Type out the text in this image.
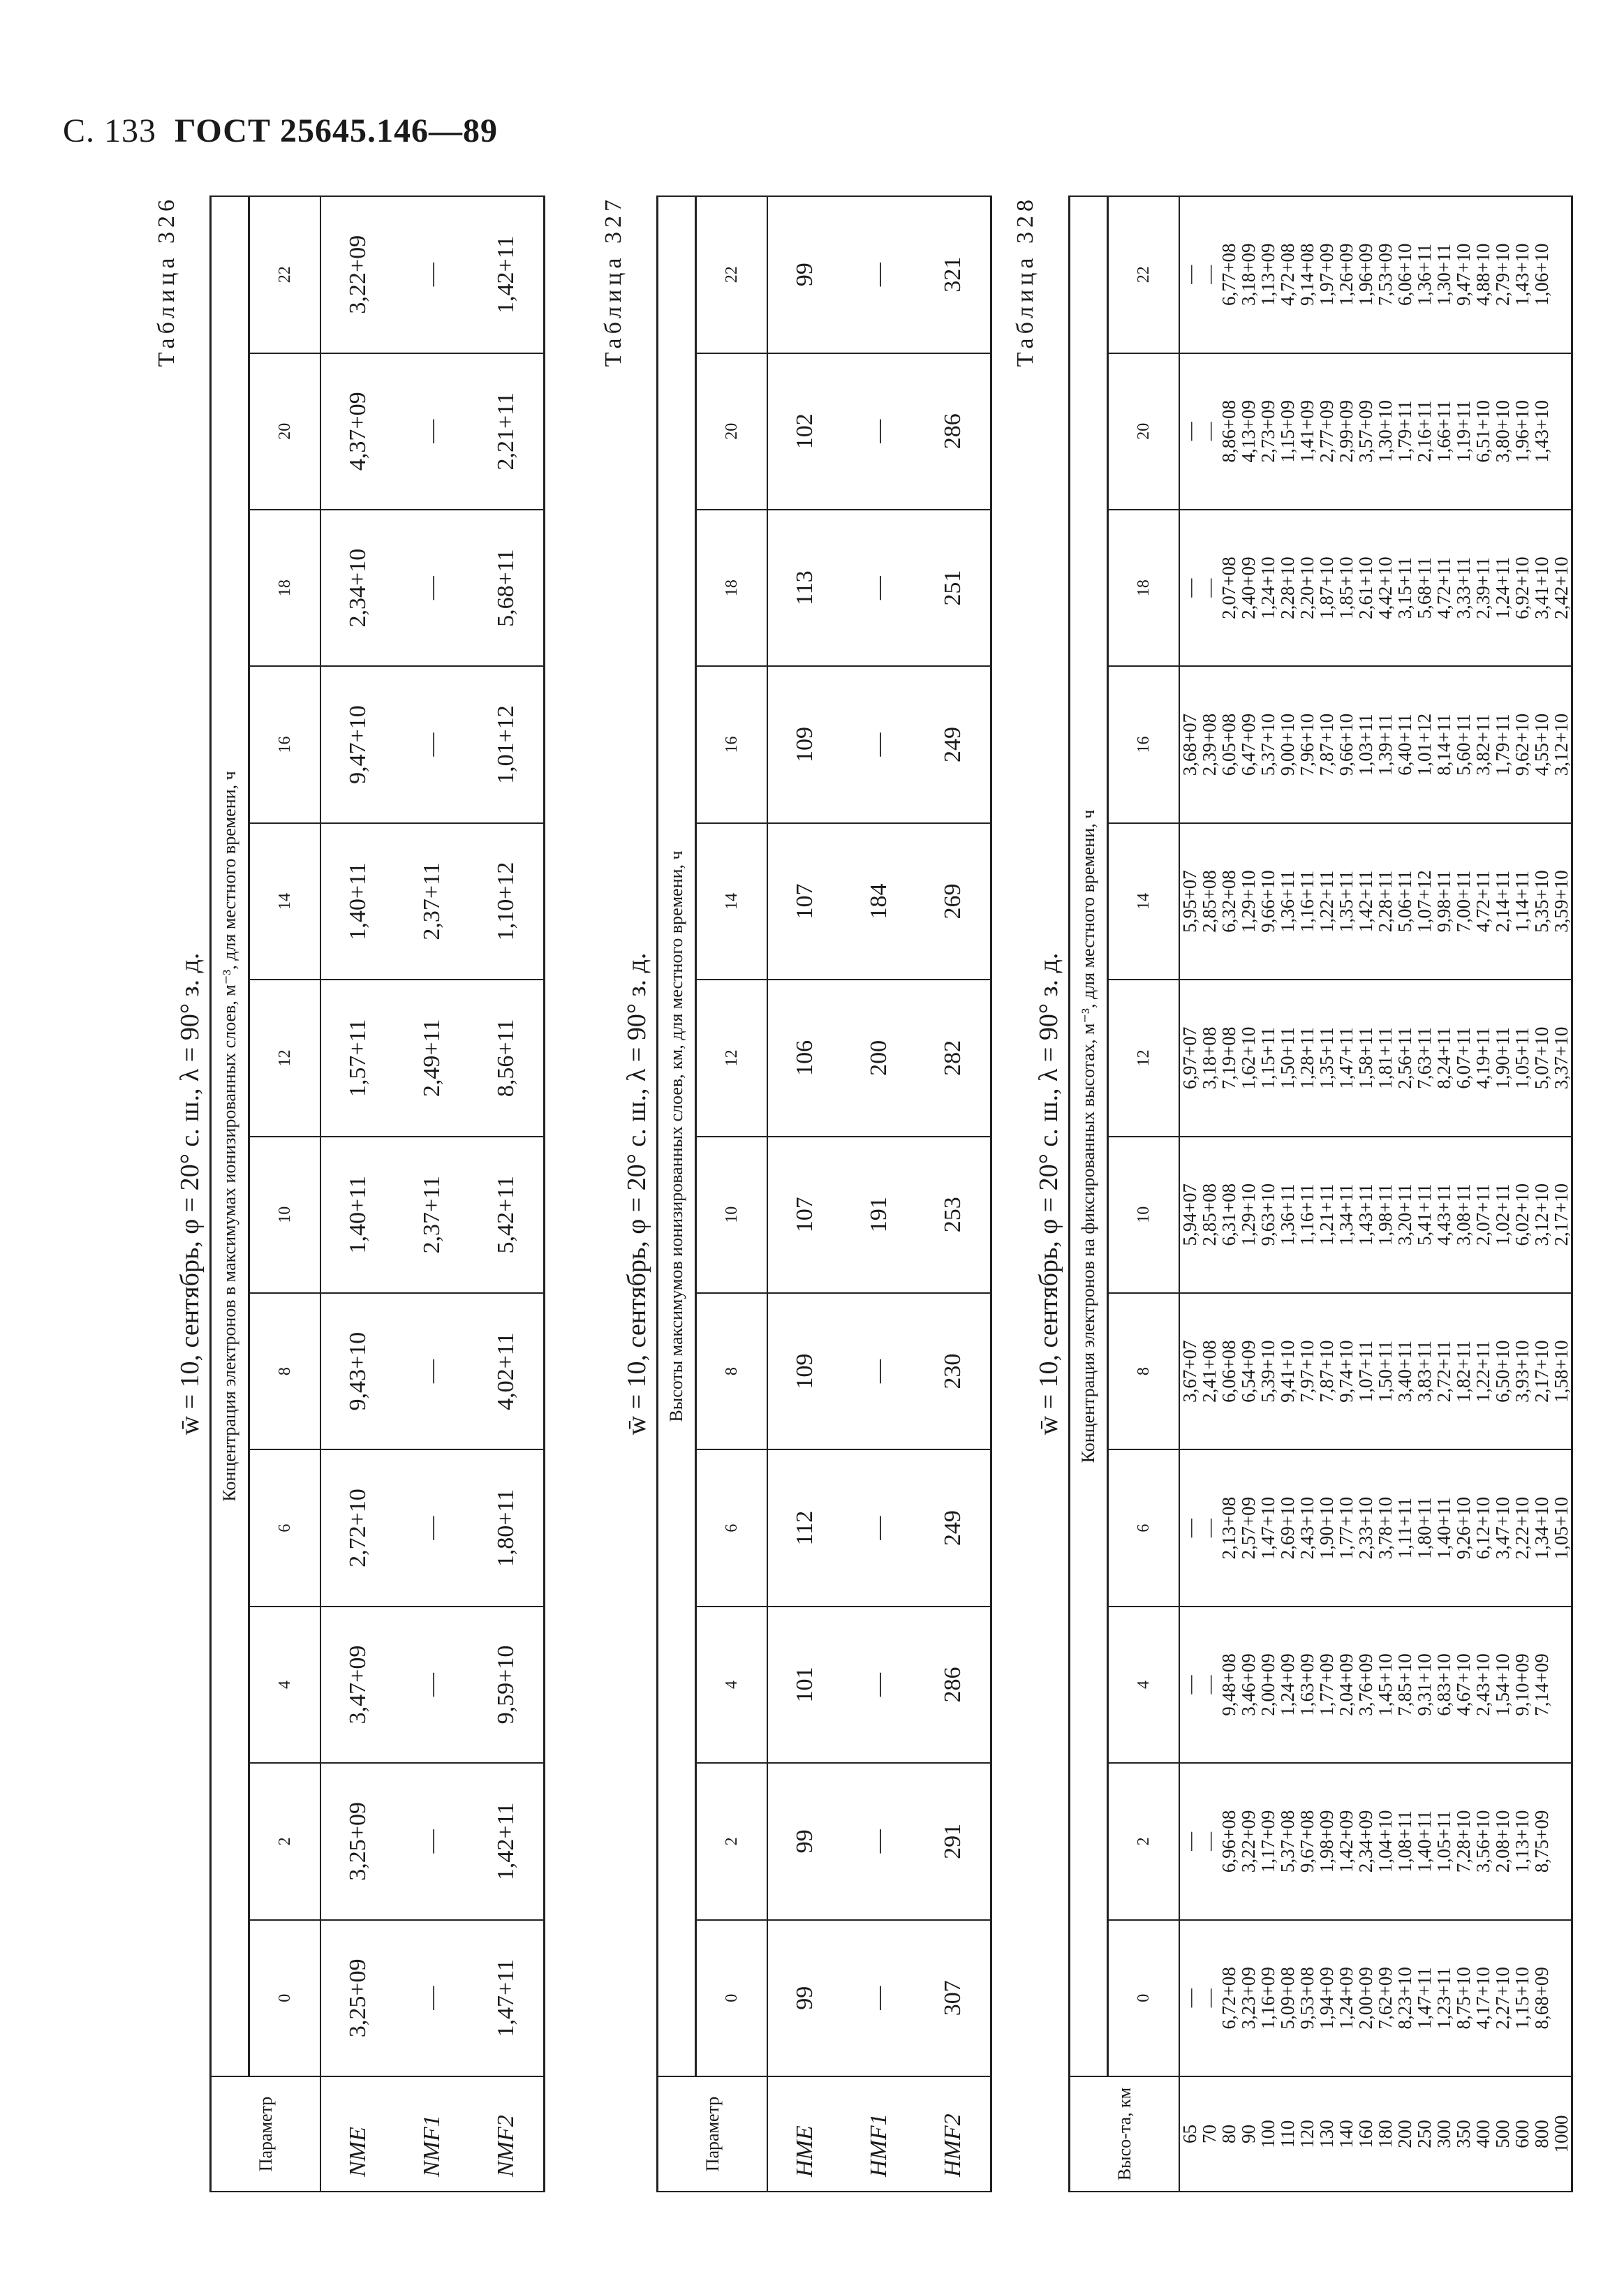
С. 133 ГОСТ 25645.146—89
Таблица 326
w̄ = 10, сентябрь, φ = 20° с. ш., λ = 90° з. д.
Параметр	Концентрация электронов в максимумах ионизированных слоев, м⁻³, для местного времени, ч											
	0	2	4	6	8	10	12	14	16	18	20	22
NME	3,25+09	3,25+09	3,47+09	2,72+10	9,43+10	1,40+11	1,57+11	1,40+11	9,47+10	2,34+10	4,37+09	3,22+09
NMF1	—	—	—	—	—	2,37+11	2,49+11	2,37+11	—	—	—	—
NMF2	1,47+11	1,42+11	9,59+10	1,80+11	4,02+11	5,42+11	8,56+11	1,10+12	1,01+12	5,68+11	2,21+11	1,42+11	Таблица 327
w̄ = 10, сентябрь, φ = 20° с. ш., λ = 90° з. д.
Параметр	Высоты максимумов ионизированных слоев, км, для местного времени, ч											
	0	2	4	6	8	10	12	14	16	18	20	22
HME	99	99	101	112	109	107	106	107	109	113	102	99
HMF1	—	—	—	—	—	191	200	184	—	—	—	—
HMF2	307	291	286	249	230	253	282	269	249	251	286	321 Таблица 328
w̄ = 10, сентябрь, φ = 20° с. ш., λ = 90° з. д.
Высо-та, км	Концентрация электронов на фиксированных высотах, м⁻³, для местного времени, ч											
	0	2	4	6	8	10	12	14	16	18	20	22
65	—	—	—	—	3,67+07	5,94+07	6,97+07	5,95+07	3,68+07	—	—	—
70	—	—	—	—	2,41+08	2,85+08	3,18+08	2,85+08	2,39+08	—	—	—
80	6,72+08	6,96+08	9,48+08	2,13+08	6,06+08	6,31+08	7,19+08	6,32+08	6,05+08	2,07+08	8,86+08	6,77+08
90	3,23+09	3,22+09	3,46+09	2,57+09	6,54+09	1,29+10	1,62+10	1,29+10	6,47+09	2,40+09	4,13+09	3,18+09
100	1,16+09	1,17+09	2,00+09	1,47+10	5,39+10	9,63+10	1,15+11	9,66+10	5,37+10	1,24+10	2,73+09	1,13+09
110	5,09+08	5,37+08	1,24+09	2,69+10	9,41+10	1,36+11	1,50+11	1,36+11	9,00+10	2,28+10	1,15+09	4,72+08
120	9,53+08	9,67+08	1,63+09	2,43+10	7,97+10	1,16+11	1,28+11	1,16+11	7,96+10	2,20+10	1,41+09	9,14+08
130	1,94+09	1,98+09	1,77+09	1,90+10	7,87+10	1,21+11	1,35+11	1,22+11	7,87+10	1,87+10	2,77+09	1,97+09
140	1,24+09	1,42+09	2,04+09	1,77+10	9,74+10	1,34+11	1,47+11	1,35+11	9,66+10	1,85+10	2,99+09	1,26+09
160	2,00+09	2,34+09	3,76+09	2,33+10	1,07+11	1,43+11	1,58+11	1,42+11	1,03+11	2,61+10	3,57+09	1,96+09
180	7,62+09	1,04+10	1,45+10	3,78+10	1,50+11	1,98+11	1,81+11	2,28+11	1,39+11	4,42+10	1,30+10	7,53+09
200	8,23+10	1,08+11	7,85+10	1,11+11	3,40+11	3,20+11	2,56+11	5,06+11	6,40+11	3,15+11	1,79+11	6,06+10
250	1,47+11	1,40+11	9,31+10	1,80+11	3,83+11	5,41+11	7,63+11	1,07+12	1,01+12	5,68+11	2,16+11	1,36+11
300	1,23+11	1,05+11	6,83+10	1,40+11	2,72+11	4,43+11	8,24+11	9,98+11	8,14+11	4,72+11	1,66+11	1,30+11
350	8,75+10	7,28+10	4,67+10	9,26+10	1,82+11	3,08+11	6,07+11	7,00+11	5,60+11	3,33+11	1,19+11	9,47+10
400	4,17+10	3,56+10	2,43+10	6,12+10	1,22+11	2,07+11	4,19+11	4,72+11	3,82+11	2,39+11	6,51+10	4,88+10
500	2,27+10	2,08+10	1,54+10	3,47+10	6,50+10	1,02+11	1,90+11	2,14+11	1,79+11	1,24+11	3,80+10	2,79+10
600	1,15+10	1,13+10	9,10+09	2,22+10	3,93+10	6,02+10	1,05+11	1,14+11	9,62+10	6,92+10	1,96+10	1,43+10
800	8,68+09	8,75+09	7,14+09	1,34+10	2,17+10	3,12+10	5,07+10	5,35+10	4,55+10	3,41+10	1,43+10	1,06+10
1000				1,05+10	1,58+10	2,17+10	3,37+10	3,59+10	3,12+10	2,42+10		
